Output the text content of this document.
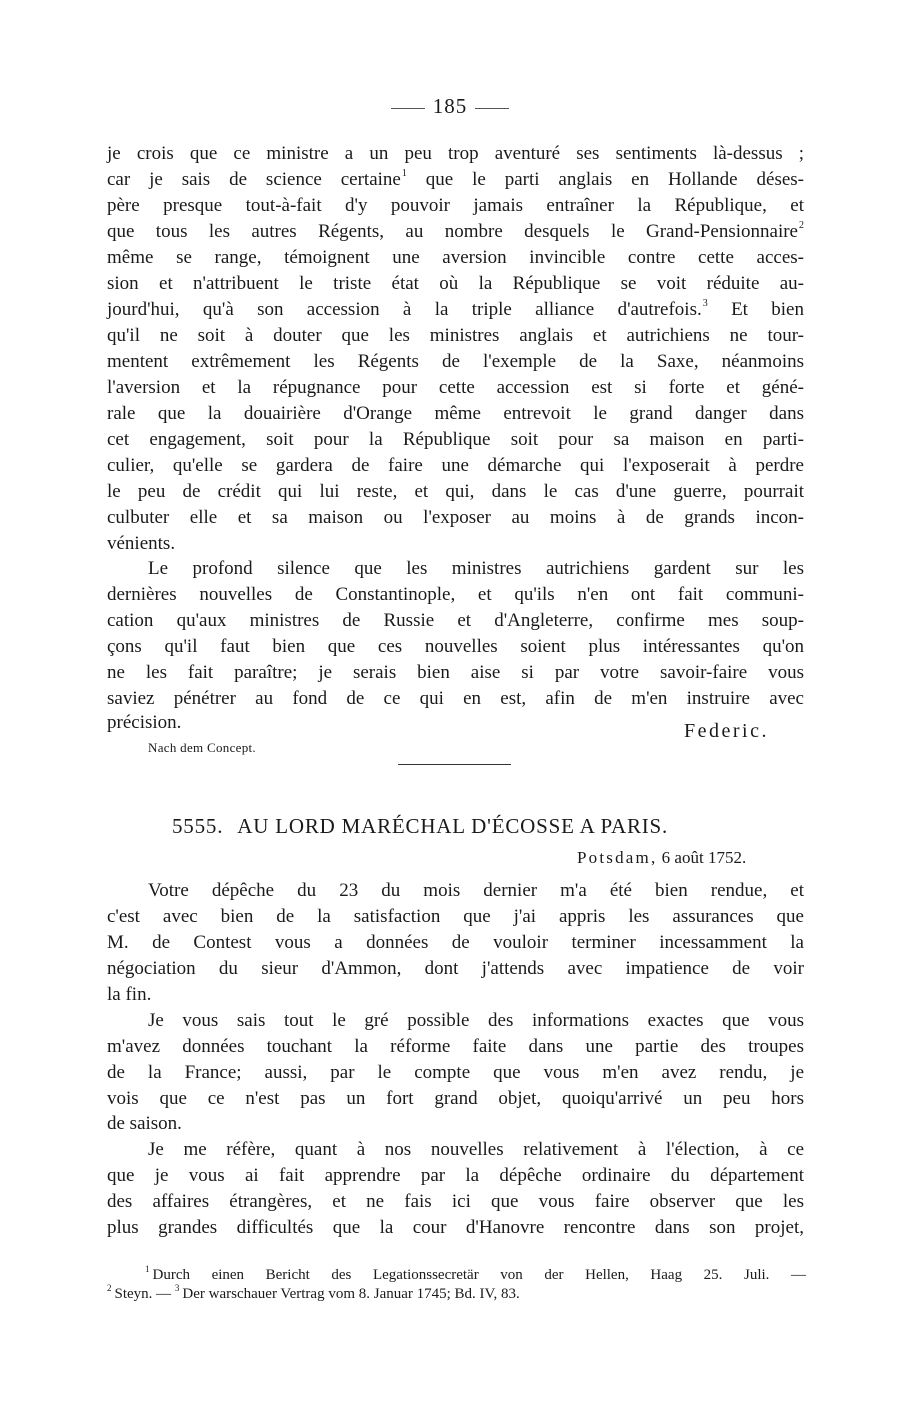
185
je crois que ce ministre a un peu trop aventuré ses sentiments là-dessus ;
car je sais de science certaine$^1$ que le parti anglais en Hollande déses-
père presque tout-à-fait d'y pouvoir jamais entraîner la République, et
que tous les autres Régents, au nombre desquels le Grand-Pensionnaire$^2$
même se range, témoignent une aversion invincible contre cette acces-
sion et n'attribuent le triste état où la République se voit réduite au-
jourd'hui, qu'à son accession à la triple alliance d'autrefois.$^3$ Et bien
qu'il ne soit à douter que les ministres anglais et autrichiens ne tour-
mentent extrêmement les Régents de l'exemple de la Saxe, néanmoins
l'aversion et la répugnance pour cette accession est si forte et géné-
rale que la douairière d'Orange même entrevoit le grand danger dans
cet engagement, soit pour la République soit pour sa maison en parti-
culier, qu'elle se gardera de faire une démarche qui l'exposerait à perdre
le peu de crédit qui lui reste, et qui, dans le cas d'une guerre, pourrait
culbuter elle et sa maison ou l'exposer au moins à de grands incon-
vénients.
Le profond silence que les ministres autrichiens gardent sur les
dernières nouvelles de Constantinople, et qu'ils n'en ont fait communi-
cation qu'aux ministres de Russie et d'Angleterre, confirme mes soup-
çons qu'il faut bien que ces nouvelles soient plus intéressantes qu'on
ne les fait paraître; je serais bien aise si par votre savoir-faire vous
saviez pénétrer au fond de ce qui en est, afin de m'en instruire avec
précision.	Federic.
Nach dem Concept.
5555. AU LORD MARÉCHAL D'ÉCOSSE A PARIS.
Potsdam, 6 août 1752.
Votre dépêche du 23 du mois dernier m'a été bien rendue, et
c'est avec bien de la satisfaction que j'ai appris les assurances que
M. de Contest vous a données de vouloir terminer incessamment la
négociation du sieur d'Ammon, dont j'attends avec impatience de voir
la fin.
Je vous sais tout le gré possible des informations exactes que vous
m'avez données touchant la réforme faite dans une partie des troupes
de la France; aussi, par le compte que vous m'en avez rendu, je
vois que ce n'est pas un fort grand objet, quoiqu'arrivé un peu hors
de saison.
Je me réfère, quant à nos nouvelles relativement à l'élection, à ce
que je vous ai fait apprendre par la dépêche ordinaire du département
des affaires étrangères, et ne fais ici que vous faire observer que les
plus grandes difficultés que la cour d'Hanovre rencontre dans son projet,
$^1$ Durch einen Bericht des Legationssecretär von der Hellen, Haag 25. Juli. —
$^2$ Steyn. — $^3$ Der warschauer Vertrag vom 8. Januar 1745; Bd. IV, 83.
